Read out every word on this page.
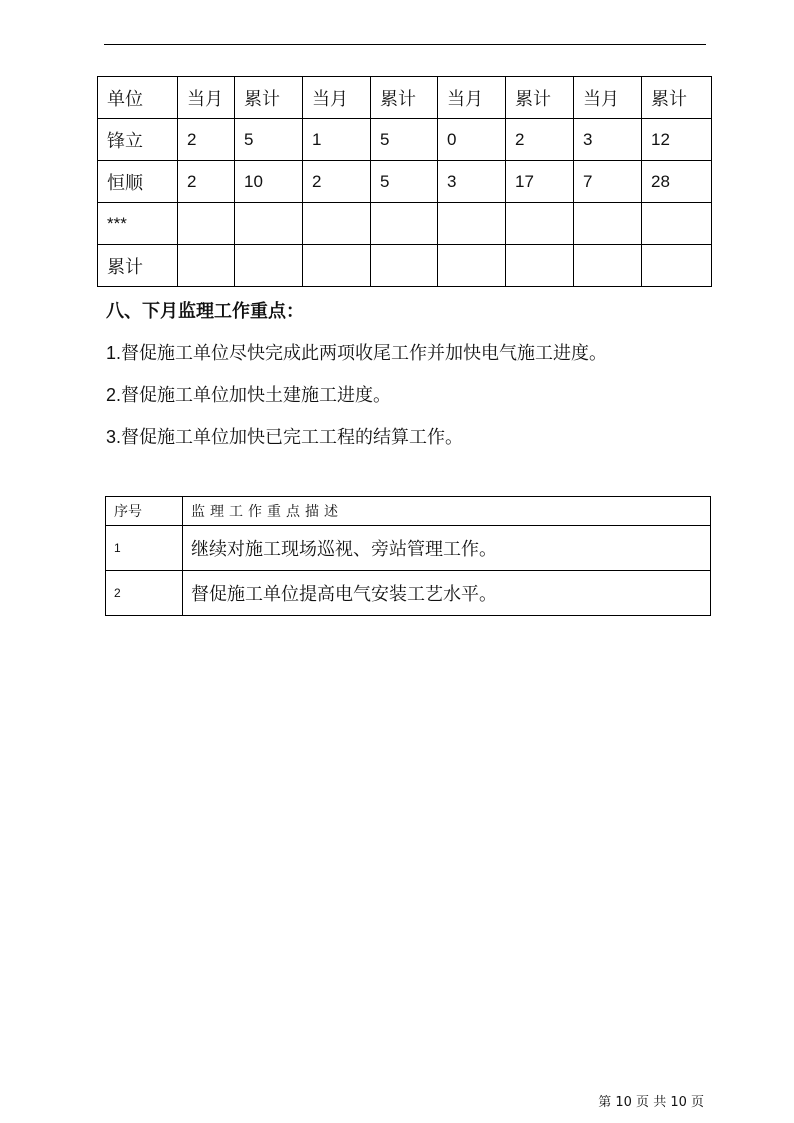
单位	当月	累计	当月	累计	当月	累计	当月	累计
锋立	2	5	1	5	0	2	3	12
恒顺	2	10	2	5	3	17	7	28
***								
累计								
八、下月监理工作重点：

1.督促施工单位尽快完成此两项收尾工作并加快电气施工进度。

2.督促施工单位加快土建施工进度。

3.督促施工单位加快已完工工程的结算工作。

序号	监理工作重点描述
1	继续对施工现场巡视、旁站管理工作。
2	督促施工单位提高电气安装工艺水平。
第 10 页 共 10 页
